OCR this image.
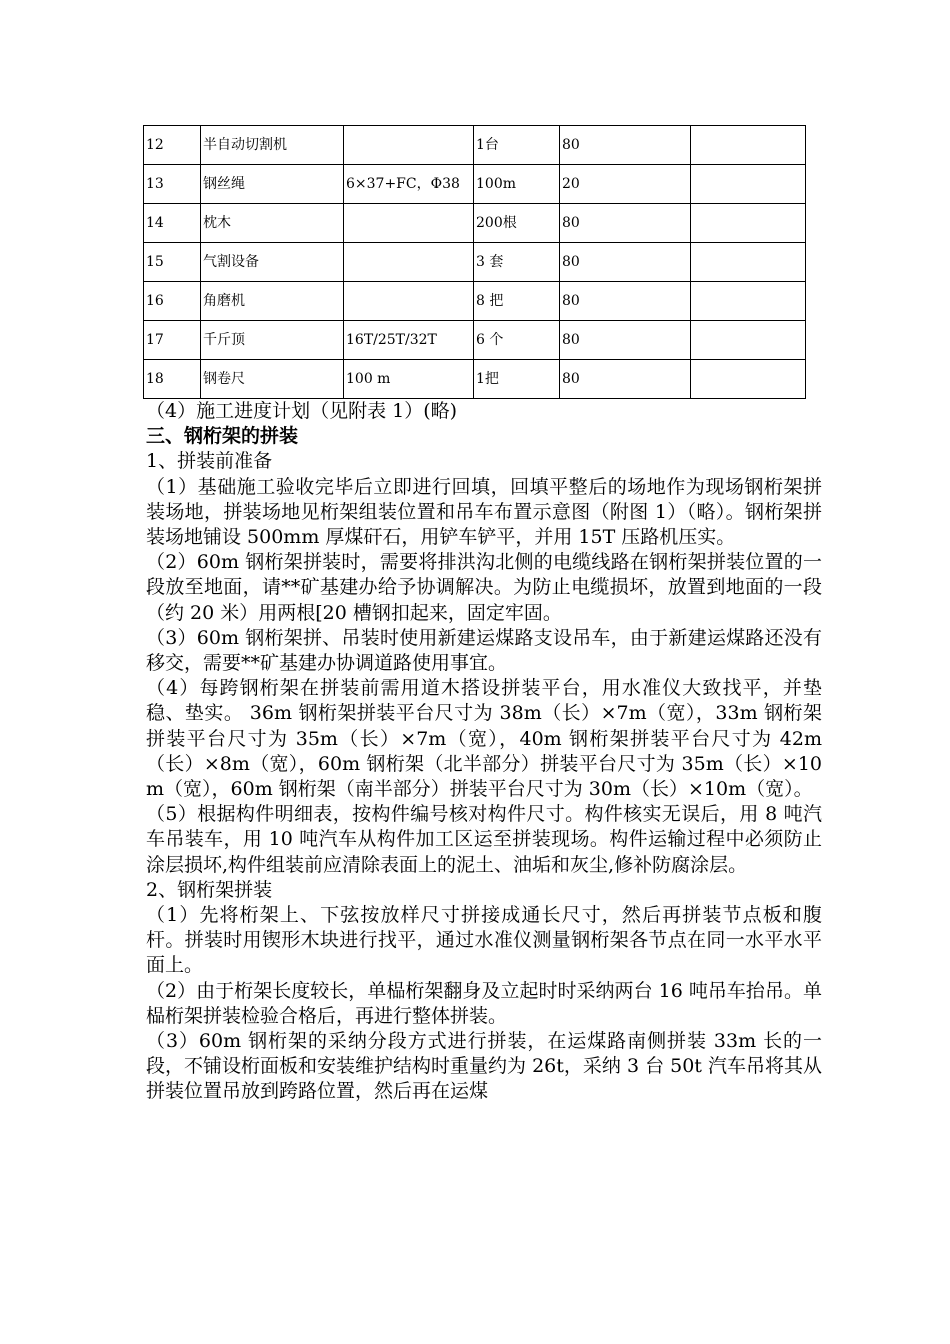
12	半自动切割机		1台	80	
13	钢丝绳	6×37+FC，Φ38	100m	20	
14	枕木		200根	80	
15	气割设备		3 套	80	
16	角磨机		8 把	80	
17	千斤顶	16T/25T/32T	6 个	80	
18	钢卷尺	100 m	1把	80	

（4）施工进度计划（见附表 1）(略)

三、钢桁架的拼装

1、拼装前准备

（1）基础施工验收完毕后立即进行回填，回填平整后的场地作为现场钢桁架拼装场地，拼装场地见桁架组装位置和吊车布置示意图（附图 1）（略）。钢桁架拼装场地铺设 500mm 厚煤矸石，用铲车铲平，并用 15T 压路机压实。

（2）60m 钢桁架拼装时，需要将排洪沟北侧的电缆线路在钢桁架拼装位置的一段放至地面，请**矿基建办给予协调解决。为防止电缆损坏，放置到地面的一段（约 20 米）用两根[20 槽钢扣起来，固定牢固。

（3）60m 钢桁架拼、吊装时使用新建运煤路支设吊车，由于新建运煤路还没有移交，需要**矿基建办协调道路使用事宜。

（4）每跨钢桁架在拼装前需用道木搭设拼装平台，用水准仪大致找平，并垫稳、垫实。 36m 钢桁架拼装平台尺寸为 38m（长）×7m（宽），33m 钢桁架拼装平台尺寸为 35m（长）×7m（宽），40m 钢桁架拼装平台尺寸为 42m（长）×8m（宽），60m 钢桁架（北半部分）拼装平台尺寸为 35m（长）×10m（宽），60m 钢桁架（南半部分）拼装平台尺寸为 30m（长）×10m（宽）。

（5）根据构件明细表，按构件编号核对构件尺寸。构件核实无误后，用 8 吨汽车吊装车，用 10 吨汽车从构件加工区运至拼装现场。构件运输过程中必须防止涂层损坏,构件组装前应清除表面上的泥土、油垢和灰尘,修补防腐涂层。

2、钢桁架拼装

（1）先将桁架上、下弦按放样尺寸拼接成通长尺寸，然后再拼装节点板和腹杆。拼装时用锲形木块进行找平，通过水准仪测量钢桁架各节点在同一水平水平面上。

（2）由于桁架长度较长，单榀桁架翻身及立起时时采纳两台 16 吨吊车抬吊。单榀桁架拼装检验合格后，再进行整体拼装。

（3）60m 钢桁架的采纳分段方式进行拼装，在运煤路南侧拼装 33m 长的一段，不铺设桁面板和安装维护结构时重量约为 26t，采纳 3 台 50t 汽车吊将其从拼装位置吊放到跨路位置，然后再在运煤
